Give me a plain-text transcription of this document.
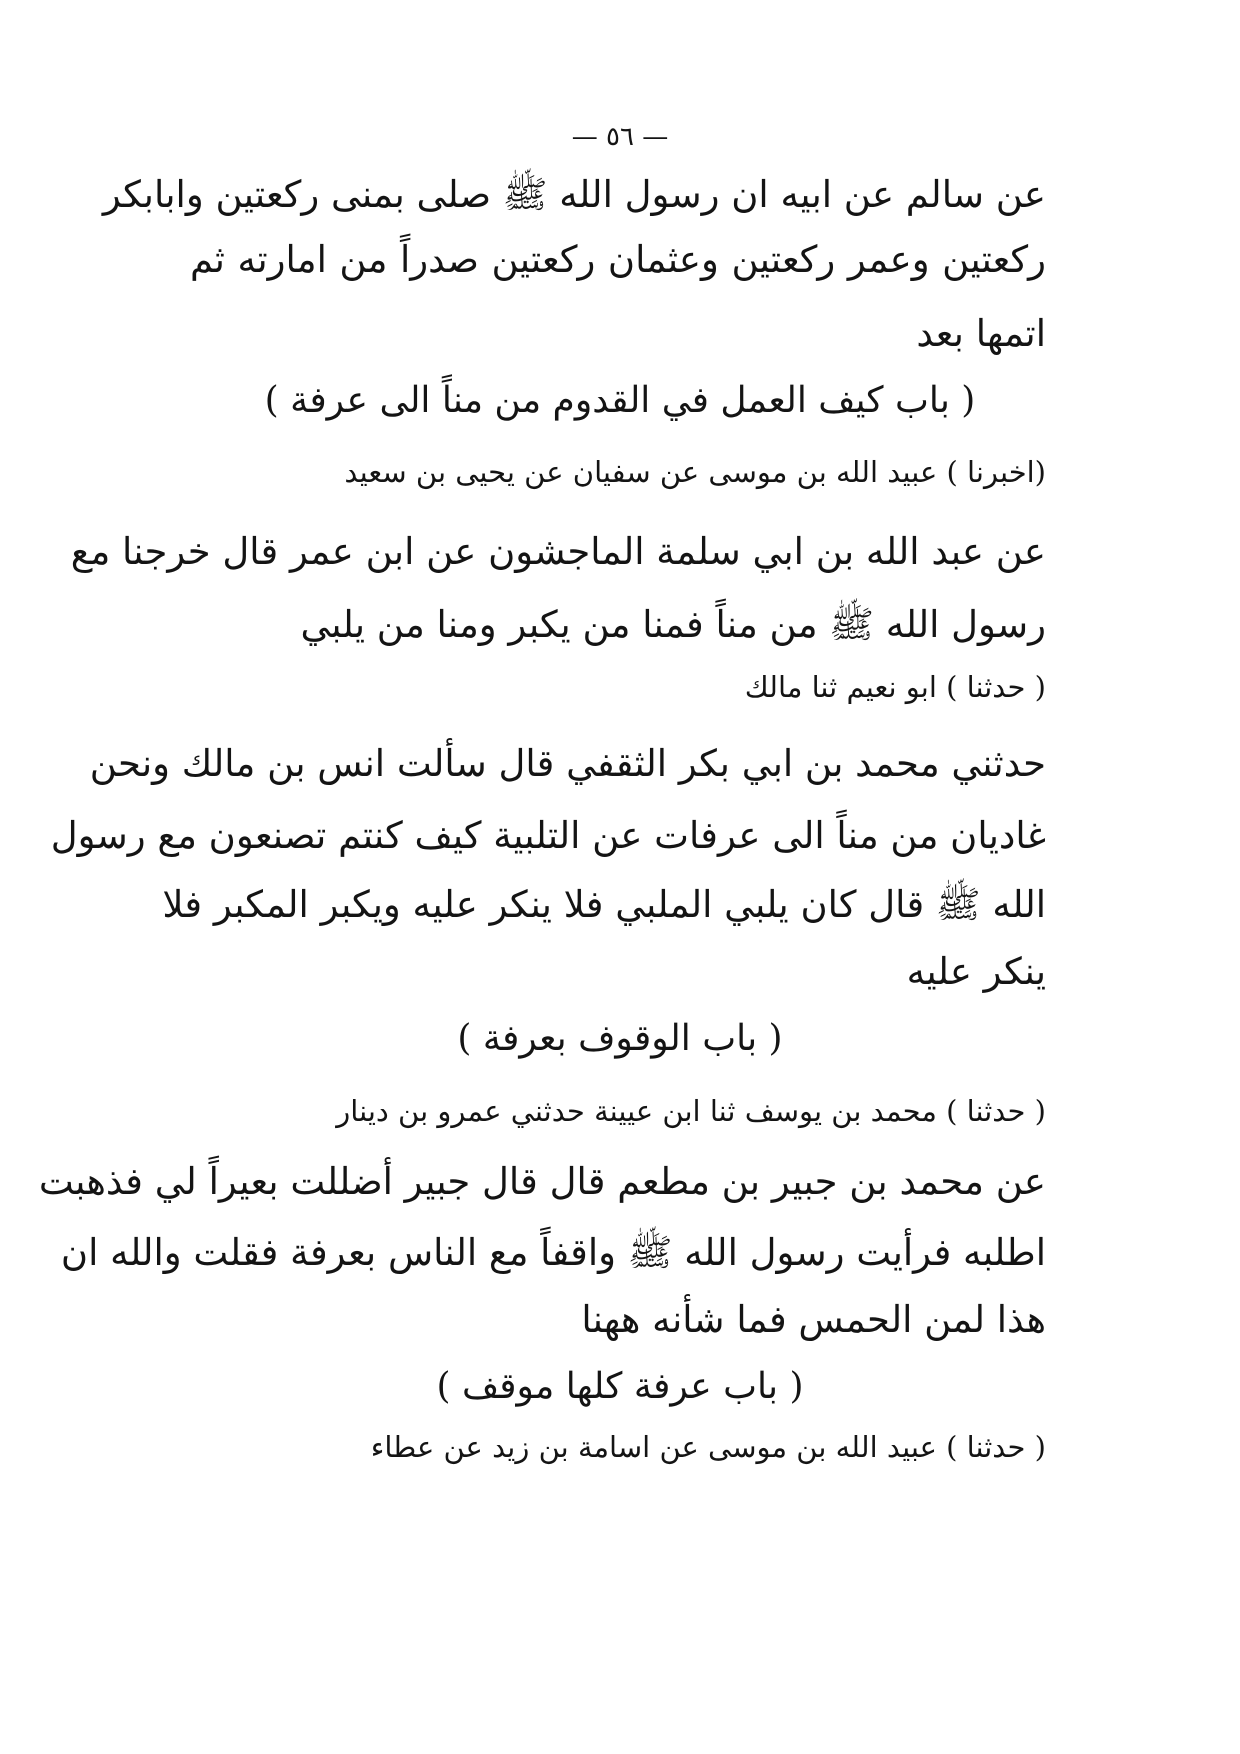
— ٥٦ —
عن سالم عن ابيه ان رسول الله ﷺ صلى بمنى ركعتين وابابكر
ركعتين وعمر ركعتين وعثمان ركعتين صدراً من امارته ثم
اتمها بعد
( باب كيف العمل في القدوم من مناً الى عرفة )
(اخبرنا ) عبيد الله بن موسى عن سفيان عن يحيى بن سعيد
عن عبد الله بن ابي سلمة الماجشون عن ابن عمر قال خرجنا مع
رسول الله ﷺ من مناً فمنا من يكبر ومنا من يلبي
( حدثنا ) ابو نعيم ثنا مالك
حدثني محمد بن ابي بكر الثقفي قال سألت انس بن مالك ونحن
غاديان من مناً الى عرفات عن التلبية كيف كنتم تصنعون مع رسول
الله ﷺ قال كان يلبي الملبي فلا ينكر عليه ويكبر المكبر فلا
ينكر عليه
( باب الوقوف بعرفة )
( حدثنا ) محمد بن يوسف ثنا ابن عيينة حدثني عمرو بن دينار
عن محمد بن جبير بن مطعم قال قال جبير أضللت بعيراً لي فذهبت
اطلبه فرأيت رسول الله ﷺ واقفاً مع الناس بعرفة فقلت والله ان
هذا لمن الحمس فما شأنه ههنا
( باب عرفة كلها موقف )
( حدثنا ) عبيد الله بن موسى عن اسامة بن زيد عن عطاء
